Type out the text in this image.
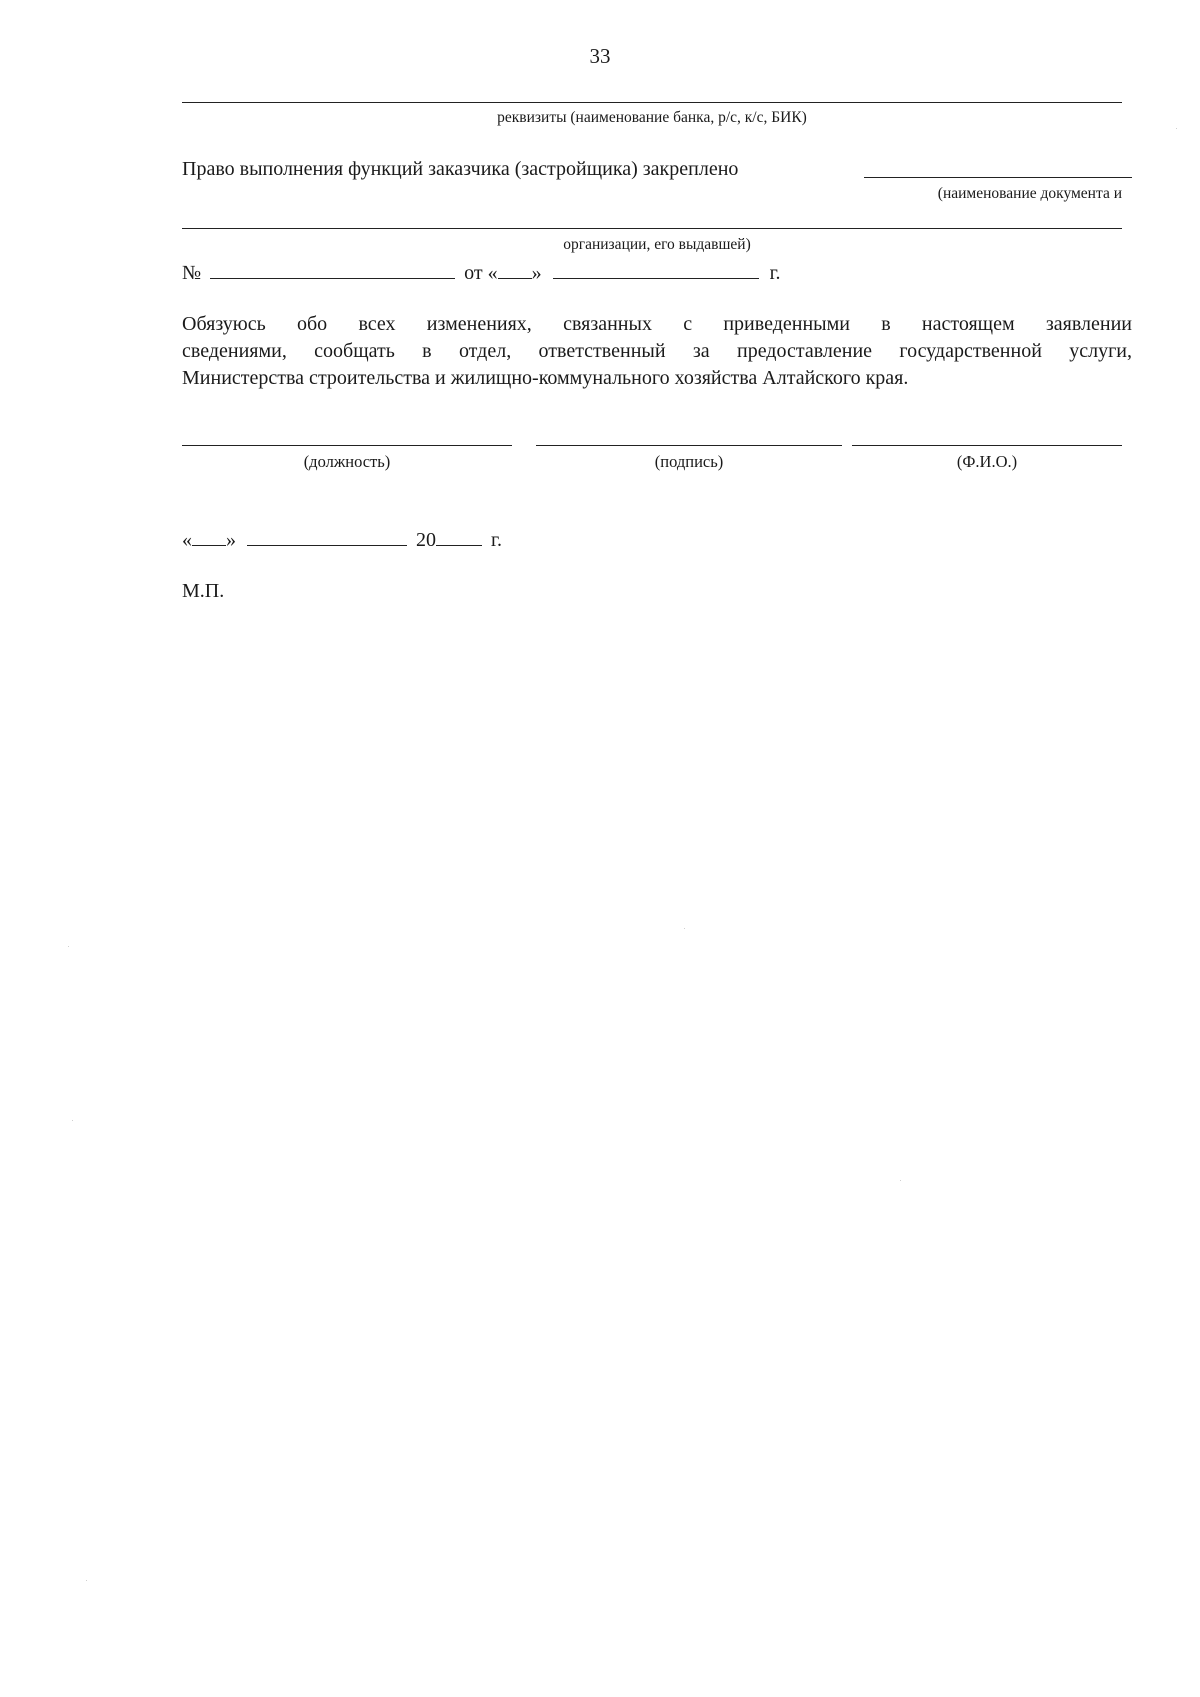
33
реквизиты (наименование банка, р/с, к/с, БИК)
Право выполнения функций заказчика (застройщика) закреплено
(наименование документа и
организации, его выдавшей)
№	от « »	г.
Обязуюсь обо всех изменениях, связанных с приведенными в настоящем заявлении
сведениями, сообщать в отдел, ответственный за предоставление государственной услуги,
Министерства строительства и жилищно-коммунального хозяйства Алтайского края.
(должность)	(подпись)	(Ф.И.О.)
« »	20	г.
М.П.
